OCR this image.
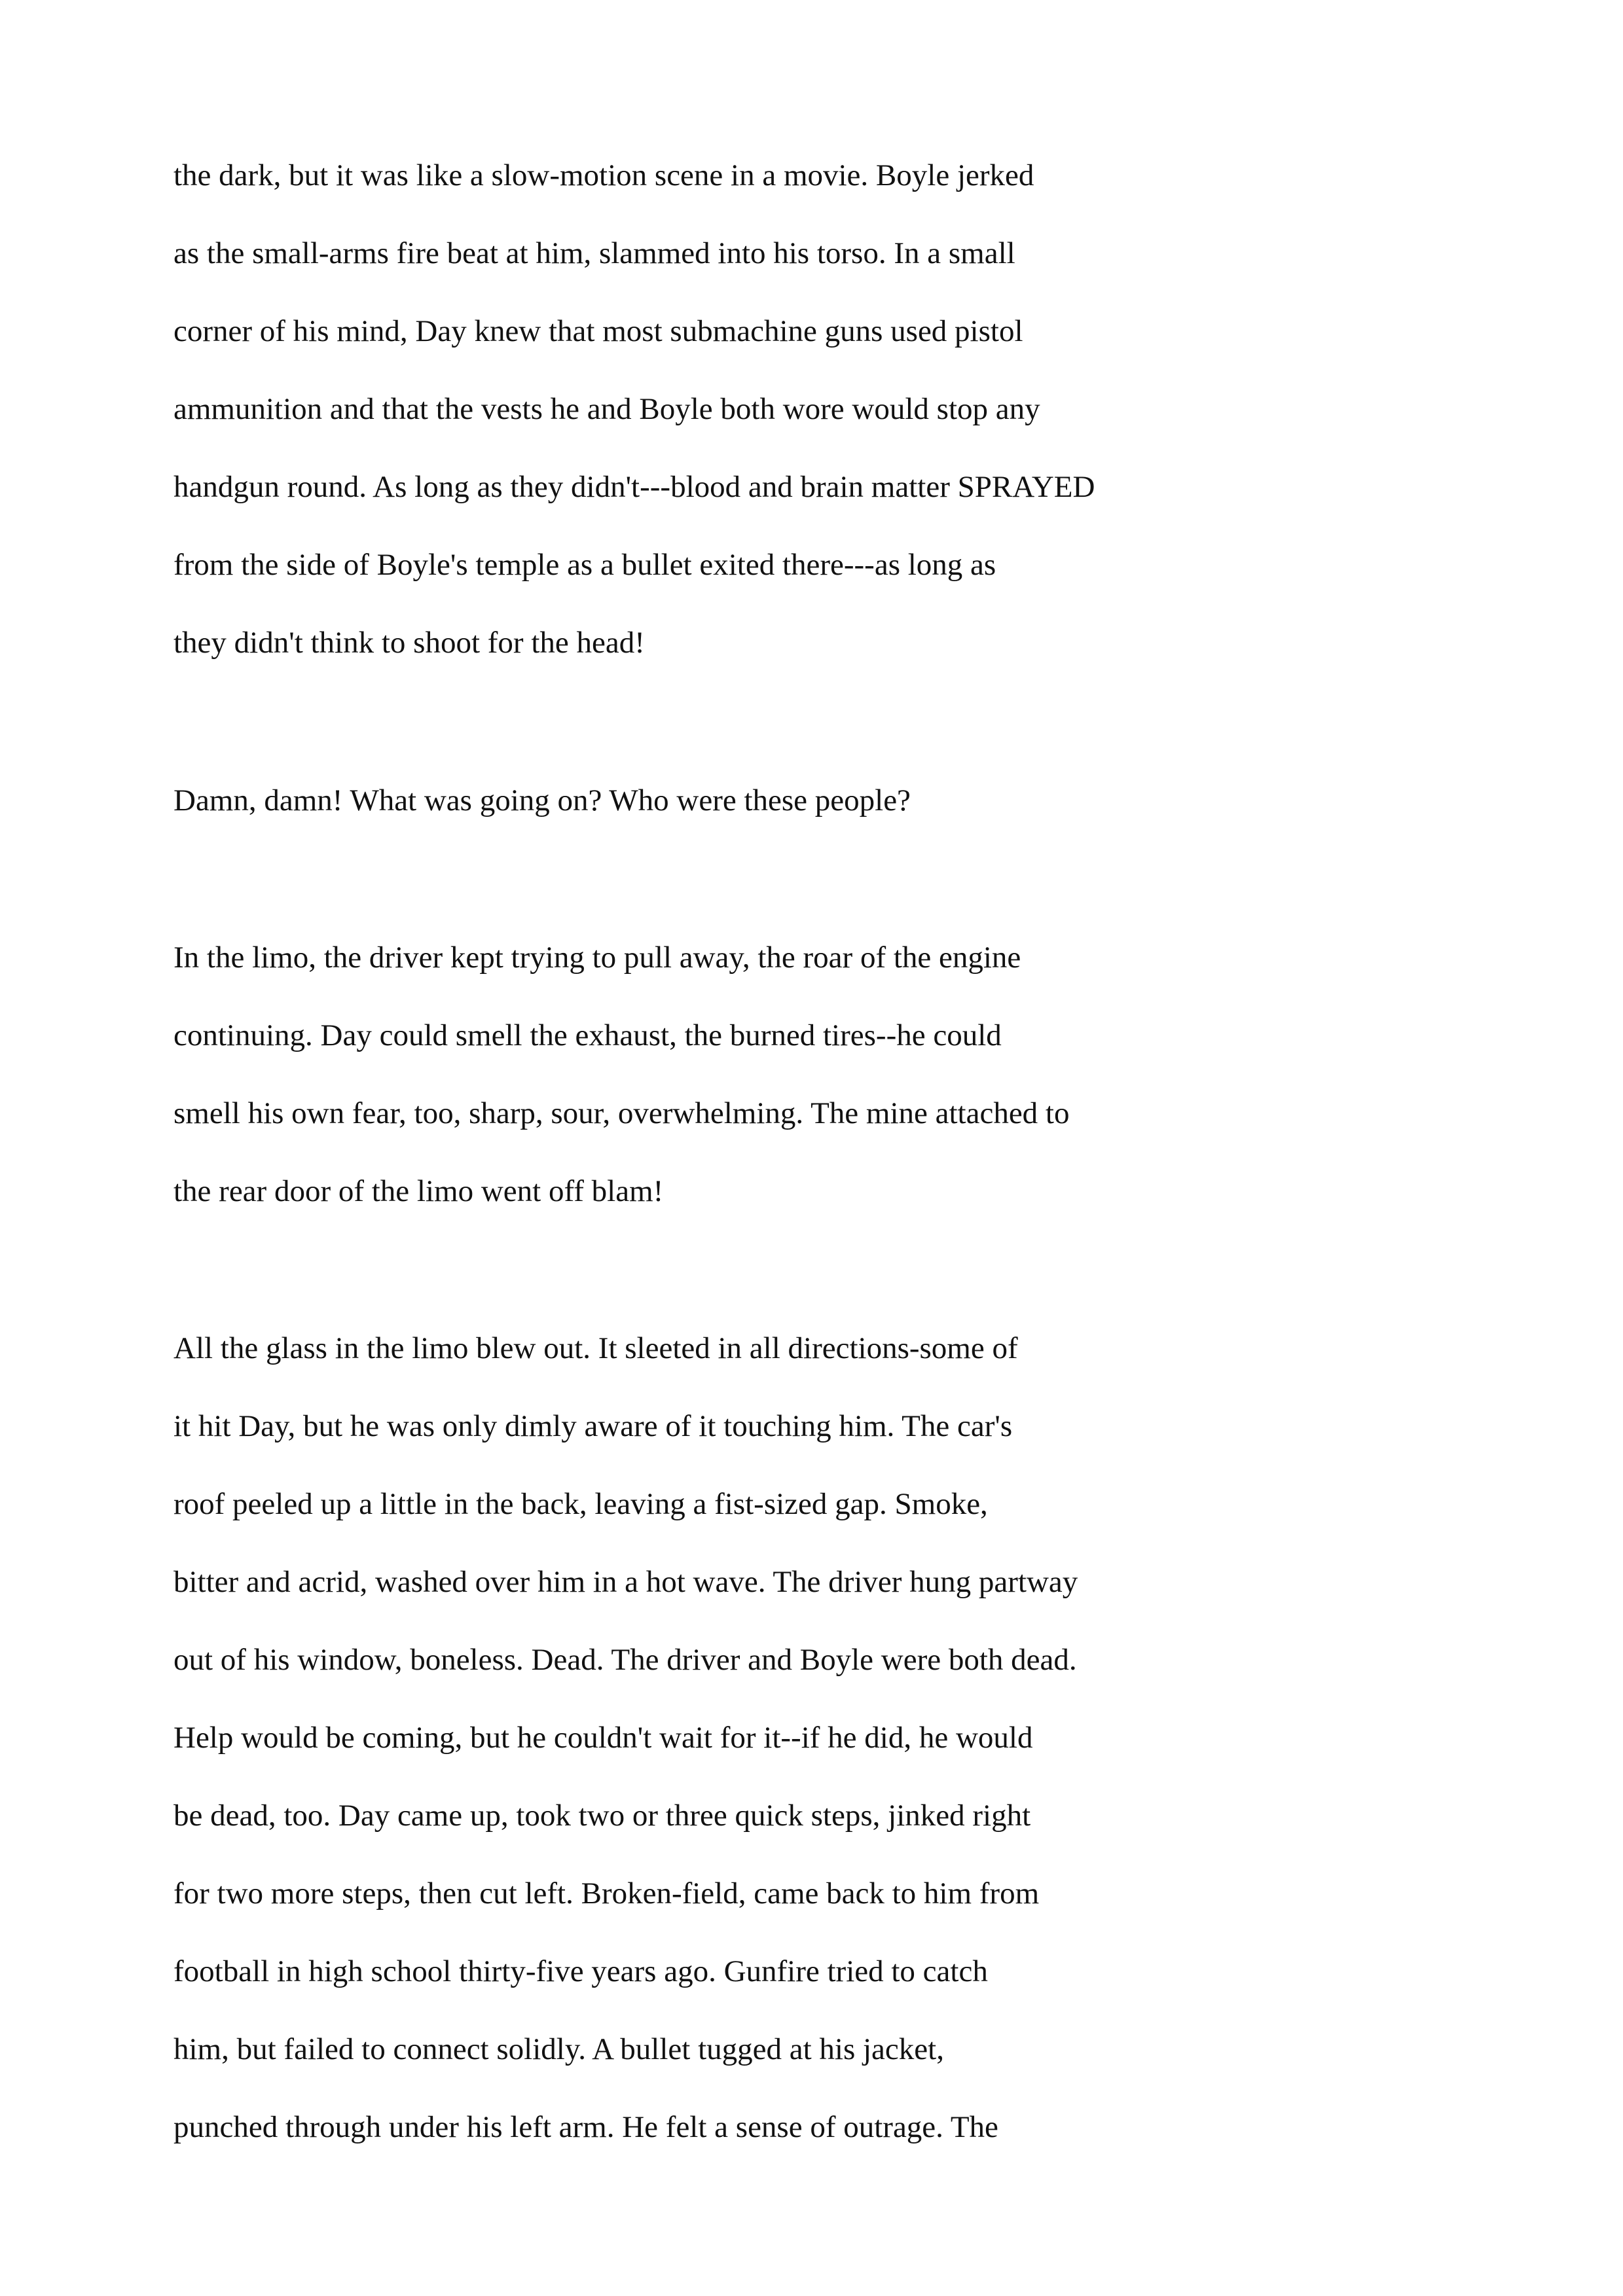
the dark, but it was like a slow-motion scene in a movie. Boyle jerked
as the small-arms fire beat at him, slammed into his torso. In a small
corner of his mind, Day knew that most submachine guns used pistol
ammunition and that the vests he and Boyle both wore would stop any
handgun round. As long as they didn't---blood and brain matter SPRAYED
from the side of Boyle's temple as a bullet exited there---as long as
they didn't think to shoot for the head!

Damn, damn! What was going on? Who were these people?

In the limo, the driver kept trying to pull away, the roar of the engine
continuing. Day could smell the exhaust, the burned tires--he could
smell his own fear, too, sharp, sour, overwhelming. The mine attached to
the rear door of the limo went off blam!

All the glass in the limo blew out. It sleeted in all directions-some of
it hit Day, but he was only dimly aware of it touching him. The car's
roof peeled up a little in the back, leaving a fist-sized gap. Smoke,
bitter and acrid, washed over him in a hot wave. The driver hung partway
out of his window, boneless. Dead. The driver and Boyle were both dead.
Help would be coming, but he couldn't wait for it--if he did, he would
be dead, too. Day came up, took two or three quick steps, jinked right
for two more steps, then cut left. Broken-field, came back to him from
football in high school thirty-five years ago. Gunfire tried to catch
him, but failed to connect solidly. A bullet tugged at his jacket,
punched through under his left arm. He felt a sense of outrage. The
